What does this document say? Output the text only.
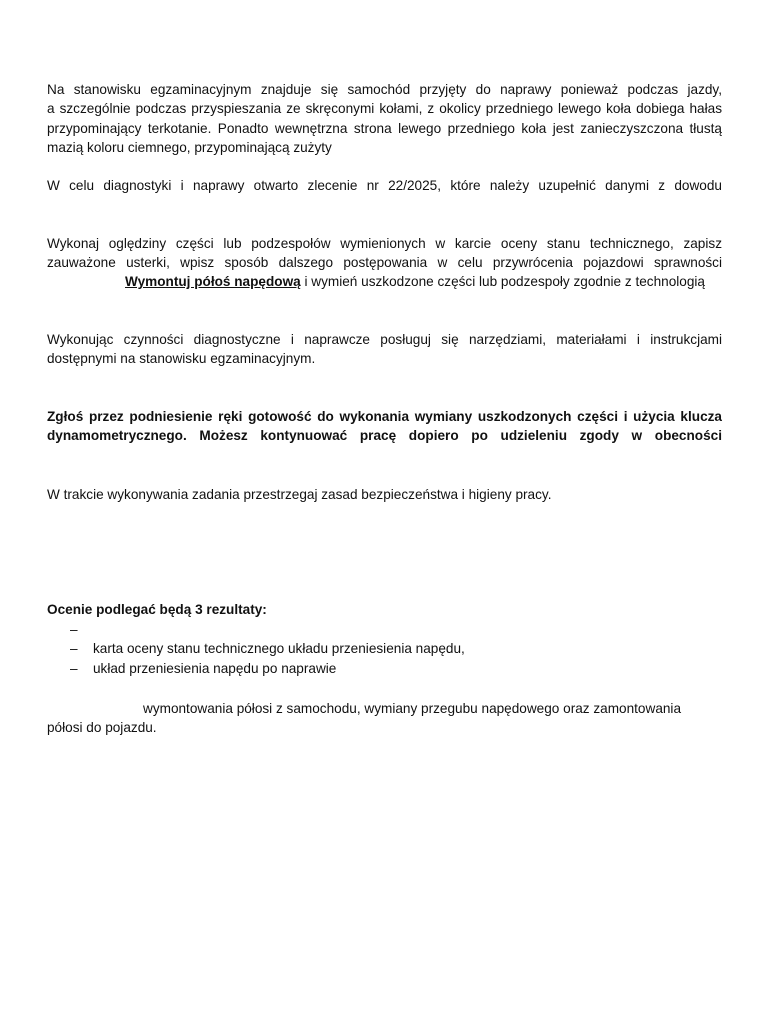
Na stanowisku egzaminacyjnym znajduje się samochód przyjęty do naprawy ponieważ podczas jazdy,
a szczególnie podczas przyspieszania ze skręconymi kołami, z okolicy przedniego lewego koła dobiega hałas
przypominający terkotanie. Ponadto wewnętrzna strona lewego przedniego koła jest zanieczyszczona tłustą
mazią koloru ciemnego, przypominającą zużyty
W celu diagnostyki i naprawy otwarto zlecenie nr 22/2025, które należy uzupełnić danymi z dowodu
Wykonaj oględziny części lub podzespołów wymienionych w karcie oceny stanu technicznego, zapisz
zauważone usterki, wpisz sposób dalszego postępowania w celu przywrócenia pojazdowi sprawności
Wymontuj półoś napędową i wymień uszkodzone części lub podzespoły zgodnie z technologią
Wykonując czynności diagnostyczne i naprawcze posługuj się narzędziami, materiałami i instrukcjami
dostępnymi na stanowisku egzaminacyjnym.
Zgłoś przez podniesienie ręki gotowość do wykonania wymiany uszkodzonych części i użycia klucza
dynamometrycznego. Możesz kontynuować pracę dopiero po udzieleniu zgody w obecności
W trakcie wykonywania zadania przestrzegaj zasad bezpieczeństwa i higieny pracy.
Ocenie podlegać będą 3 rezultaty:
–
– karta oceny stanu technicznego układu przeniesienia napędu,
– układ przeniesienia napędu po naprawie
wymontowania półosi z samochodu, wymiany przegubu napędowego oraz zamontowania
półosi do pojazdu.
